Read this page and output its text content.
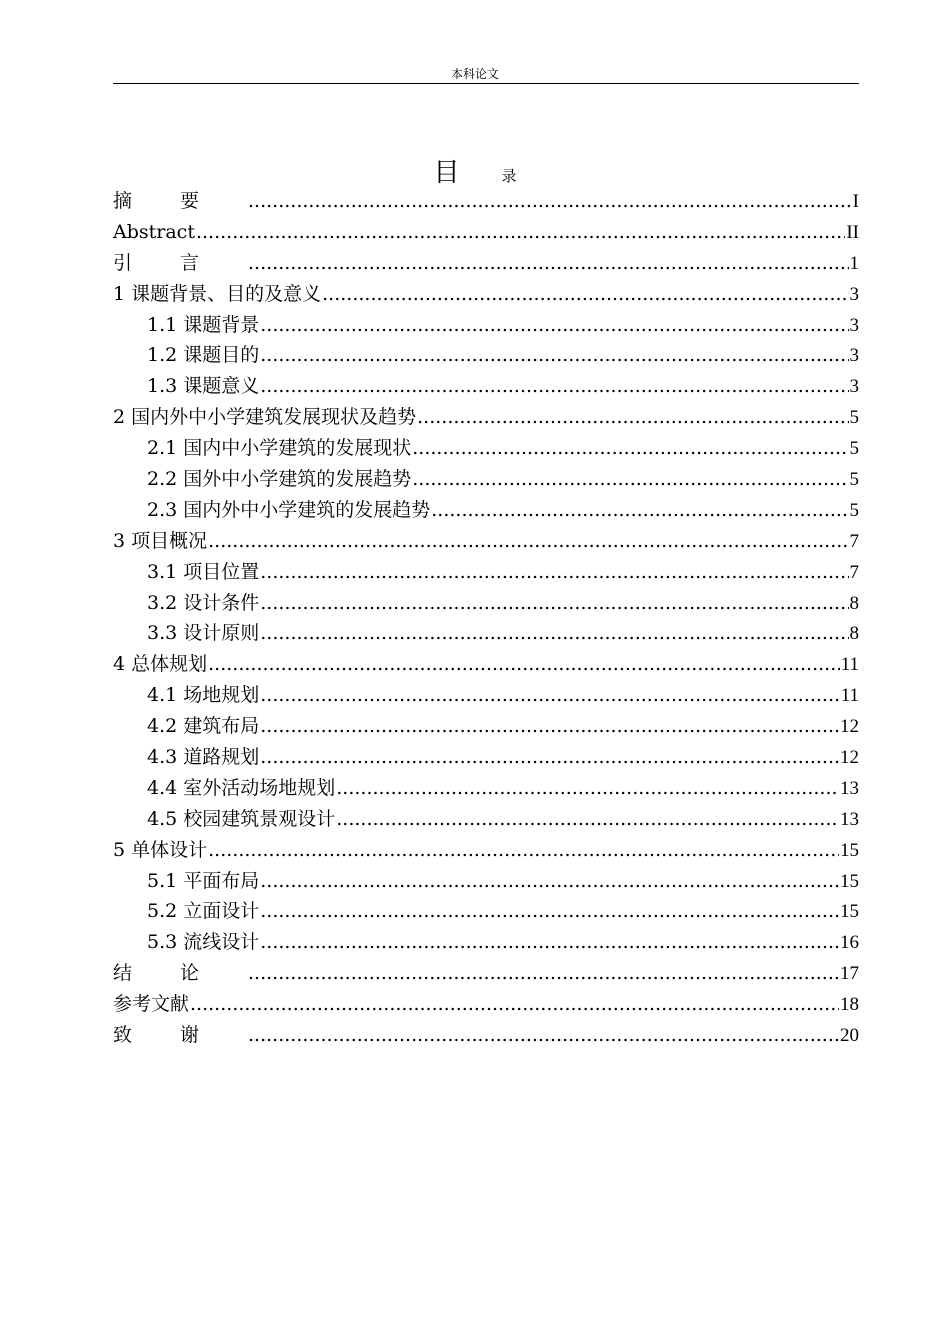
本科论文
目	录
摘要 .....	I
Abstract .....	II
引言 .....	1
1 课题背景、目的及意义 .....	3
1.1 课题背景 .....	3
1.2 课题目的 .....	3
1.3 课题意义 .....	3
2 国内外中小学建筑发展现状及趋势 .....	5
2.1 国内中小学建筑的发展现状 .....	5
2.2 国外中小学建筑的发展趋势 .....	5
2.3 国内外中小学建筑的发展趋势 .....	5
3 项目概况 .....	7
3.1 项目位置 .....	7
3.2 设计条件 .....	8
3.3 设计原则 .....	8
4 总体规划 .....	11
4.1 场地规划 .....	11
4.2 建筑布局 .....	12
4.3 道路规划 .....	12
4.4 室外活动场地规划 .....	13
4.5 校园建筑景观设计 .....	13
5 单体设计 .....	15
5.1 平面布局 .....	15
5.2 立面设计 .....	15
5.3 流线设计 .....	16
结论 .....	17
参考文献 .....	18
致谢 .....	20
